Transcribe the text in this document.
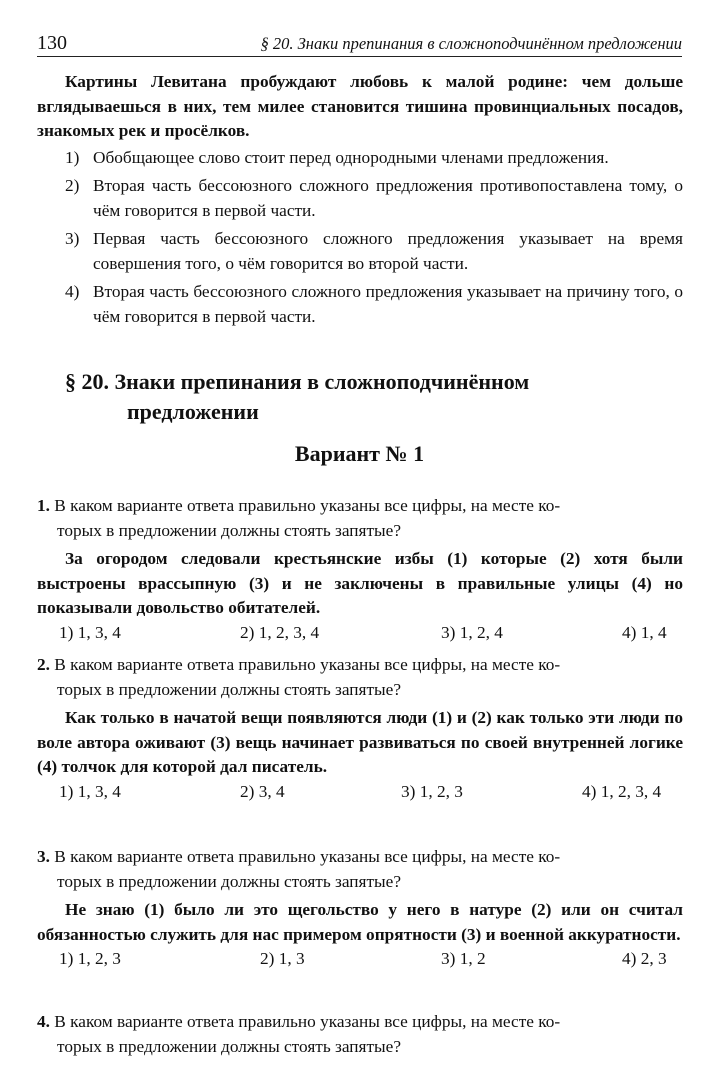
130	§ 20. Знаки препинания в сложноподчинённом предложении

Картины Левитана пробуждают любовь к малой родине: чем дольше вглядываешься в них, тем милее становится тишина провинциальных посадов, знакомых рек и просёлков.

1) Обобщающее слово стоит перед однородными членами предложения.
2) Вторая часть бессоюзного сложного предложения противопоставлена тому, о чём говорится в первой части.
3) Первая часть бессоюзного сложного предложения указывает на время совершения того, о чём говорится во второй части.
4) Вторая часть бессоюзного сложного предложения указывает на причину того, о чём говорится в первой части.
§ 20. Знаки препинания в сложноподчинённом
предложении
Вариант № 1

1. В каком варианте ответа правильно указаны все цифры, на месте ко-
торых в предложении должны стоять запятые?

За огородом следовали крестьянские избы (1) которые (2) хотя были выстроены врассыпную (3) и не заключены в правильные улицы (4) но показывали довольство обитателей.

1) 1, 3, 4	2) 1, 2, 3, 4	3) 1, 2, 4	4) 1, 4

2. В каком варианте ответа правильно указаны все цифры, на месте ко-
торых в предложении должны стоять запятые?

Как только в начатой вещи появляются люди (1) и (2) как только эти люди по воле автора оживают (3) вещь начинает развиваться по своей внутренней логике (4) толчок для которой дал писатель.

1) 1, 3, 4	2) 3, 4	3) 1, 2, 3	4) 1, 2, 3, 4

3. В каком варианте ответа правильно указаны все цифры, на месте ко-
торых в предложении должны стоять запятые?

Не знаю (1) было ли это щегольство у него в натуре (2) или он считал обязанностью служить для нас примером опрятности (3) и военной аккуратности.

1) 1, 2, 3	2) 1, 3	3) 1, 2	4) 2, 3

4. В каком варианте ответа правильно указаны все цифры, на месте ко-
торых в предложении должны стоять запятые?
